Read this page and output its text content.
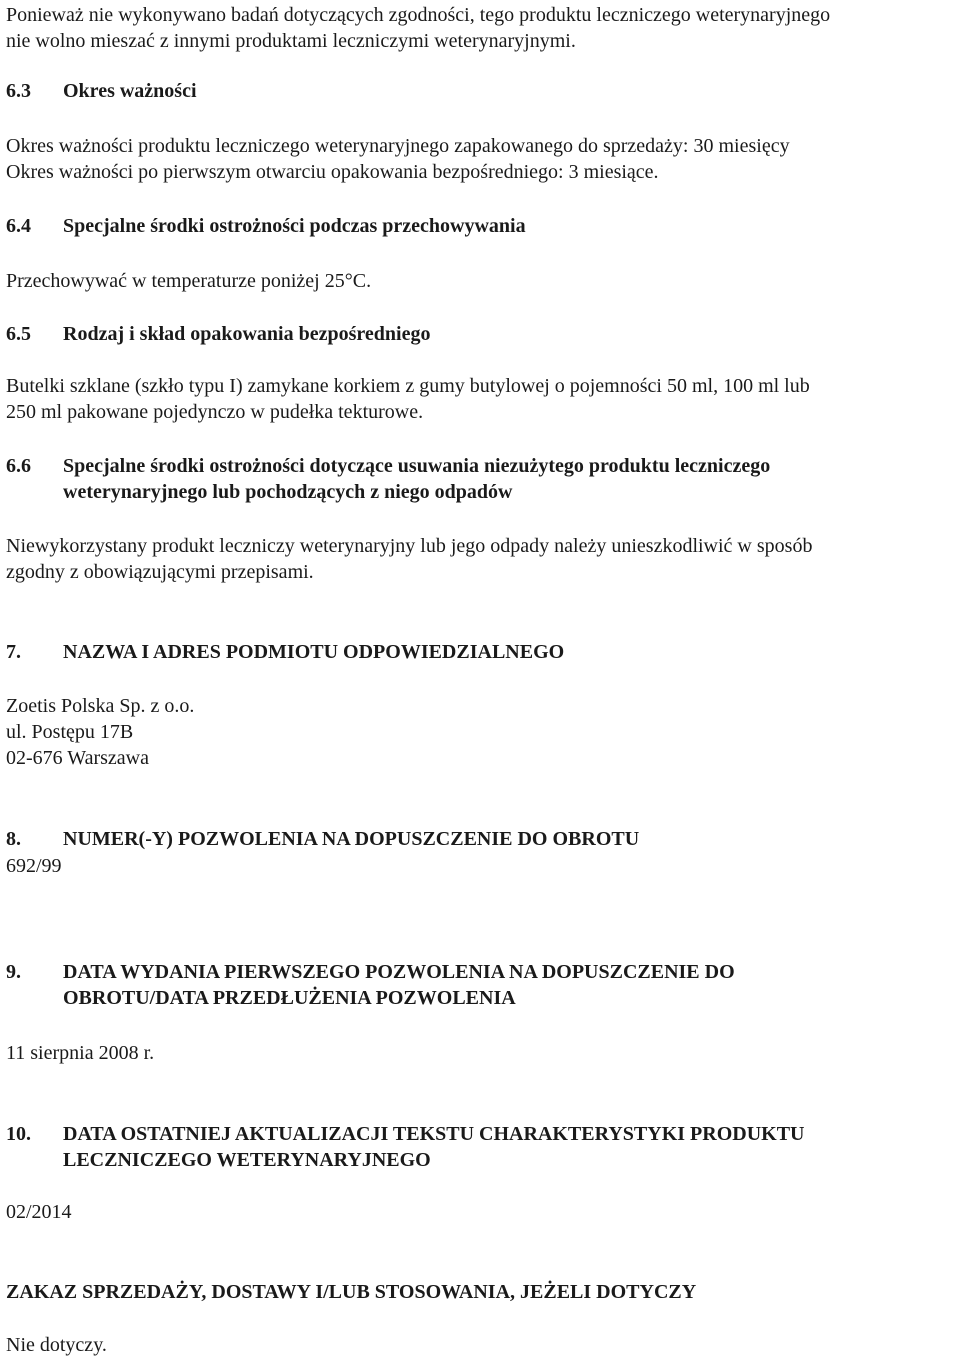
Ponieważ nie wykonywano badań dotyczących zgodności, tego produktu leczniczego weterynaryjnego
nie wolno mieszać z innymi produktami leczniczymi weterynaryjnymi.
6.3	Okres ważności
Okres ważności produktu leczniczego weterynaryjnego zapakowanego do sprzedaży: 30 miesięcy
Okres ważności po pierwszym otwarciu opakowania bezpośredniego: 3 miesiące.
6.4	Specjalne środki ostrożności podczas przechowywania
Przechowywać w temperaturze poniżej 25°C.
6.5	Rodzaj i skład opakowania bezpośredniego
Butelki szklane (szkło typu I) zamykane korkiem z gumy butylowej o pojemności 50 ml, 100 ml lub
250 ml pakowane pojedynczo w pudełka tekturowe.
6.6	Specjalne środki ostrożności dotyczące usuwania niezużytego produktu leczniczego
weterynaryjnego lub pochodzących z niego odpadów
Niewykorzystany produkt leczniczy weterynaryjny lub jego odpady należy unieszkodliwić w sposób
zgodny z obowiązującymi przepisami.
7.	NAZWA I ADRES PODMIOTU ODPOWIEDZIALNEGO
Zoetis Polska Sp. z o.o.
ul. Postępu 17B
02-676 Warszawa
8.	NUMER(-Y) POZWOLENIA NA DOPUSZCZENIE DO OBROTU
692/99
9.	DATA WYDANIA PIERWSZEGO POZWOLENIA NA DOPUSZCZENIE DO
OBROTU/DATA PRZEDŁUŻENIA POZWOLENIA
11 sierpnia 2008 r.
10.	DATA OSTATNIEJ AKTUALIZACJI TEKSTU CHARAKTERYSTYKI PRODUKTU
LECZNICZEGO WETERYNARYJNEGO
02/2014
ZAKAZ SPRZEDAŻY, DOSTAWY I/LUB STOSOWANIA, JEŻELI DOTYCZY
Nie dotyczy.
